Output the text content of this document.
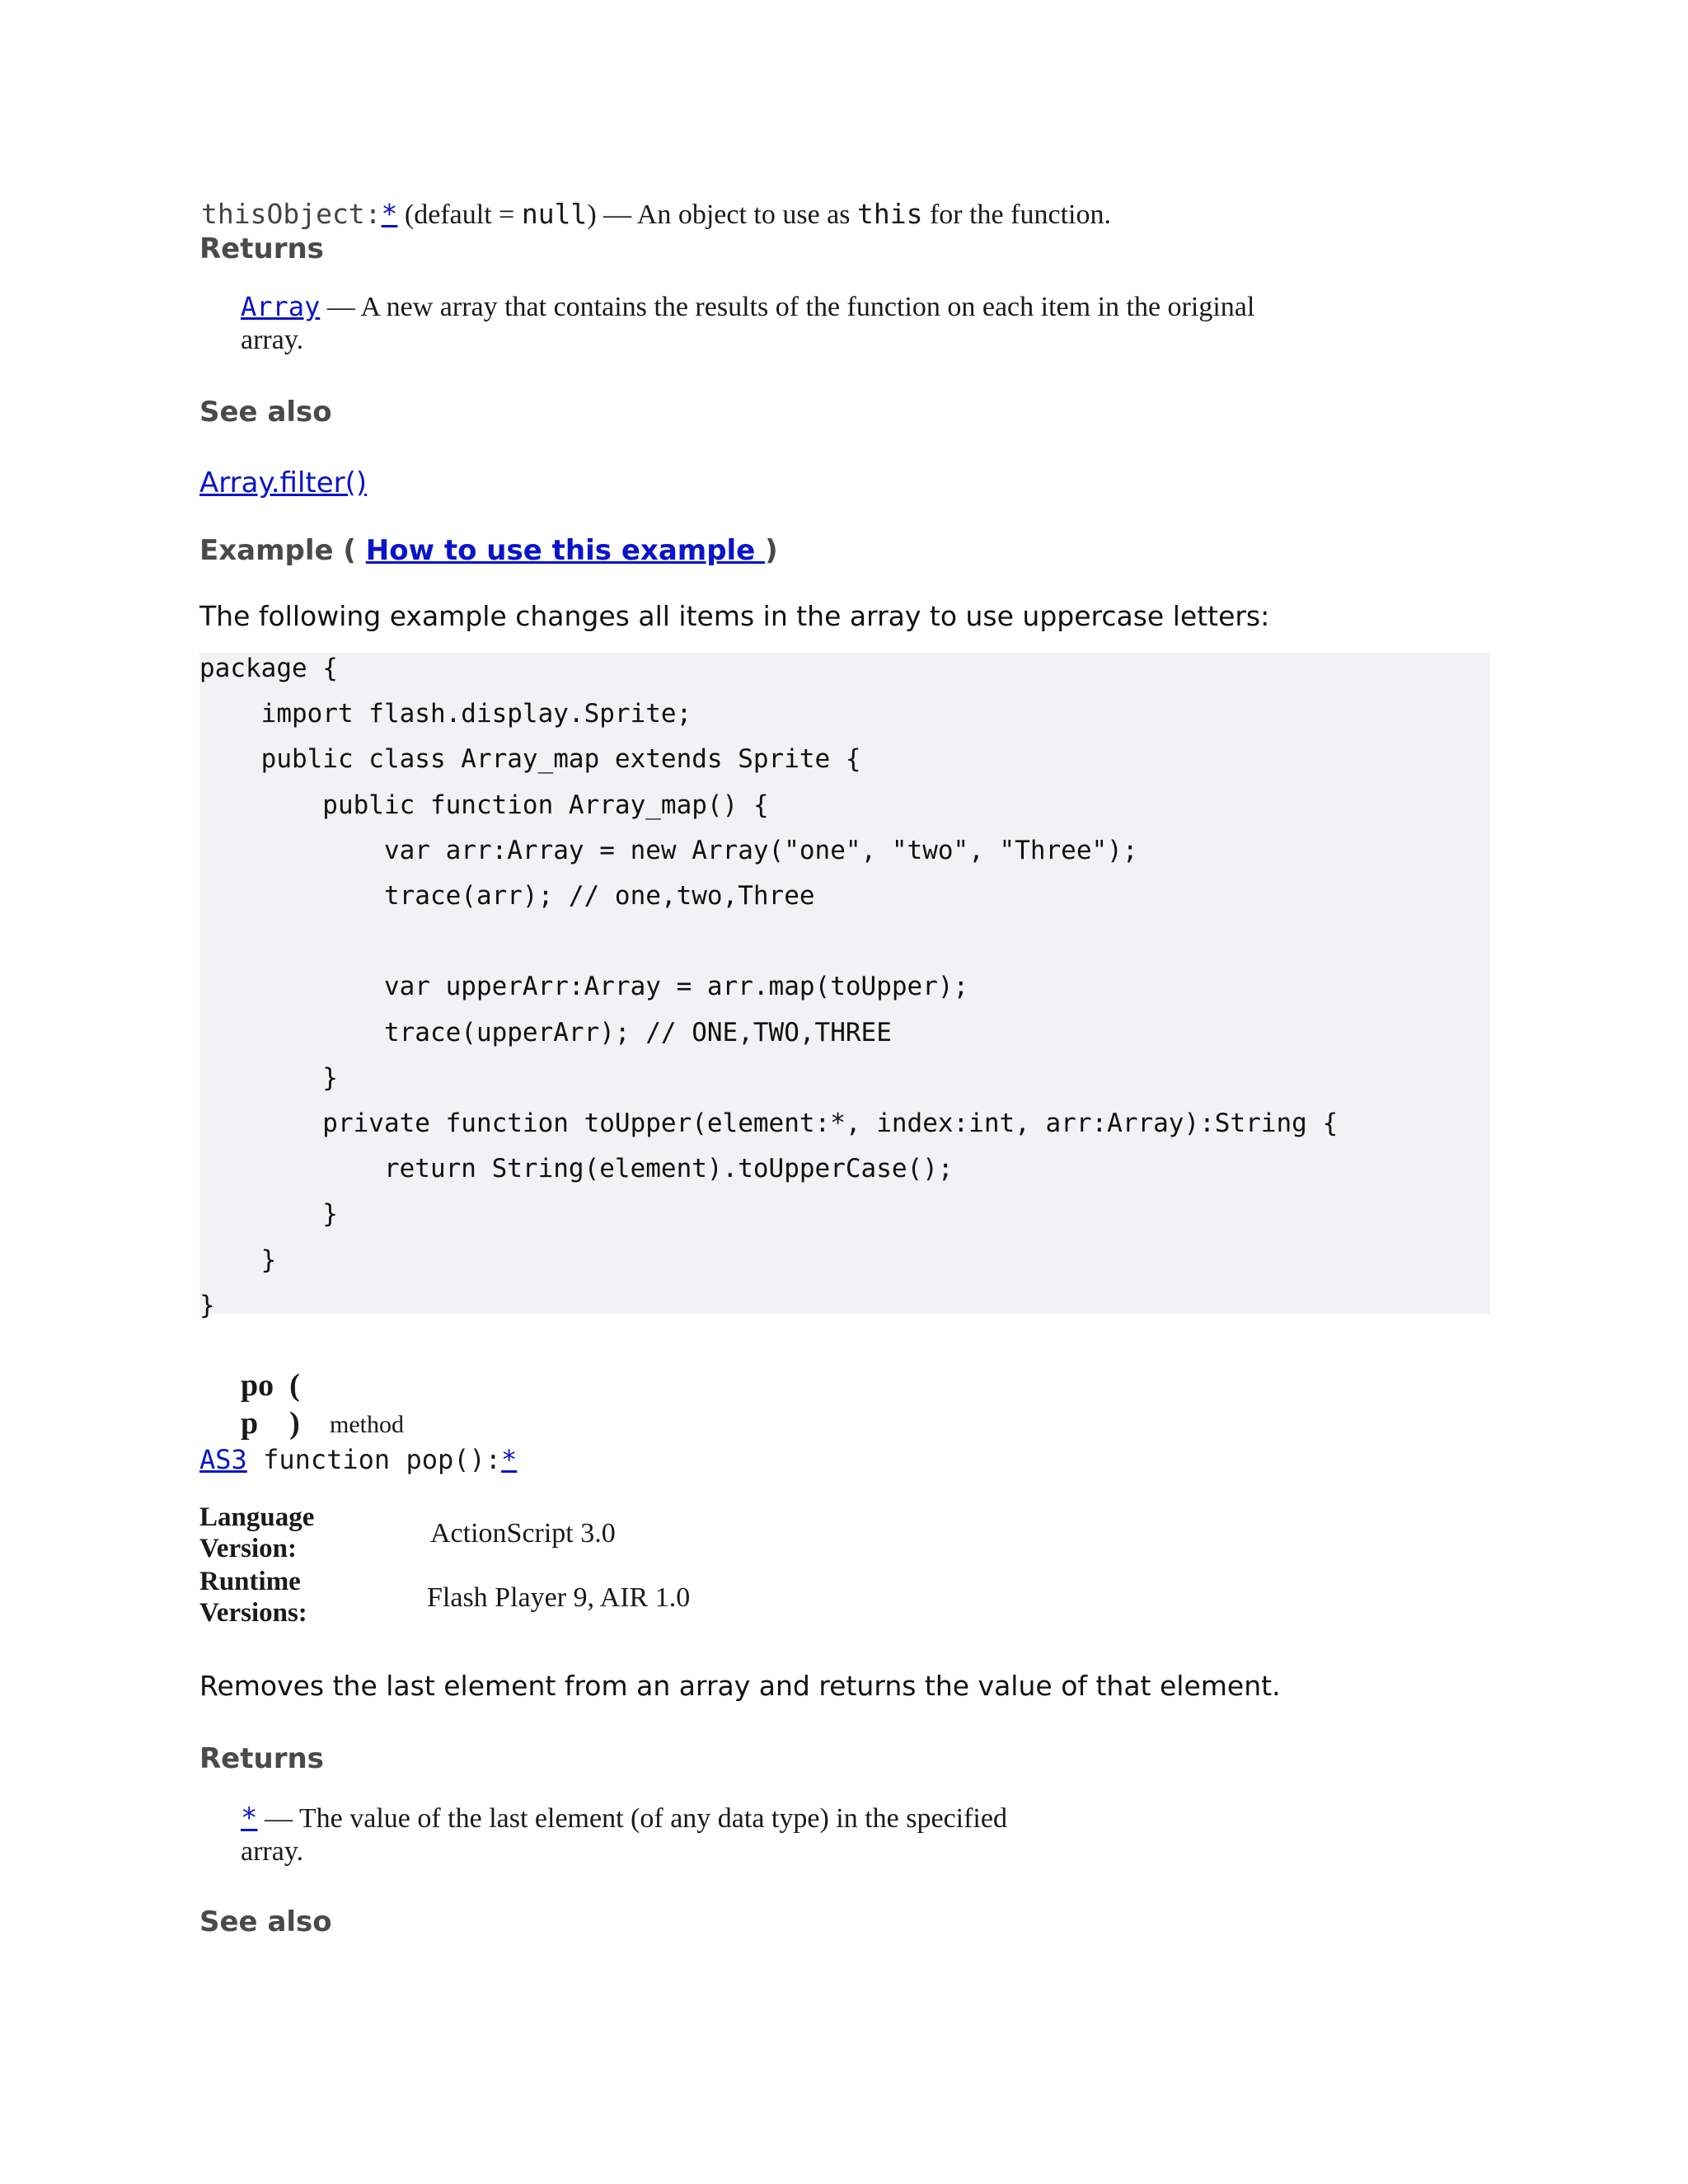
thisObject:* (default = null) — An object to use as this for the function.
Returns
Array — A new array that contains the results of the function on each item in the original array.
See also
Array.filter()
Example ( How to use this example )
The following example changes all items in the array to use uppercase letters:
package {
import flash.display.Sprite;
public class Array_map extends Sprite {
public function Array_map() {
var arr:Array = new Array("one", "two", "Three");
trace(arr); // one,two,Three

var upperArr:Array = arr.map(toUpper);
trace(upperArr); // ONE,TWO,THREE
}
private function toUpper(element:*, index:int, arr:Array):String {
return String(element).toUpperCase();
}
}
}
po  (
p    ) method
AS3 function pop():*
Language
Version:	ActionScript 3.0
Runtime
Versions:	Flash Player 9, AIR 1.0
Removes the last element from an array and returns the value of that element.
Returns
* — The value of the last element (of any data type) in the specified array.
See also
